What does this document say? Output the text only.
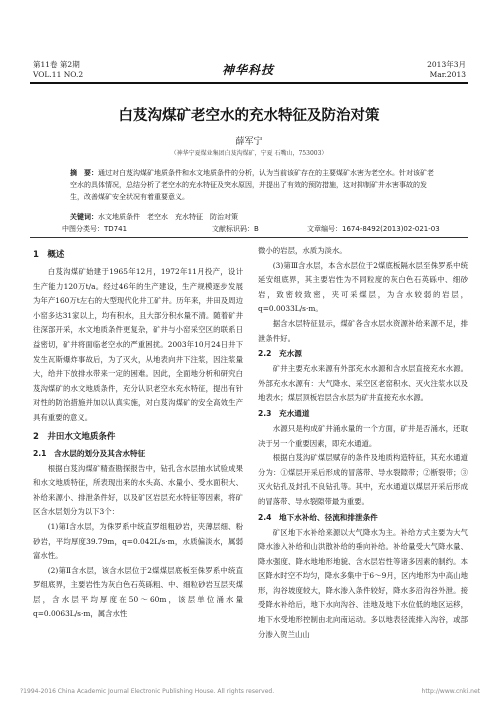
第11卷 第2期
VOL.11 NO.2	神华科技	2013年3月
Mar.2013
白芨沟煤矿老空水的充水特征及防治对策
薛军宁
（神华宁夏煤业集团白芨沟煤矿，宁夏 石嘴山，753003）
摘　要：通过对白芨沟煤矿地质条件和水文地质条件的分析，认为当前该矿存在的主要煤矿水害为老空水。针对该矿老空水的具体情况，总结分析了老空水的充水特征及突水原因，并提出了有效的预防措施，这对抑制矿井水害事故的发生，改善煤矿安全状况有着重要意义。
关键词：水文地质条件　老空水　充水特征　防治对策
中图分类号：TD741	文献标识码：B	文章编号：1674-8492(2013)02-021-03
1　概述

白芨沟煤矿始建于1965年12月，1972年11月投产，设计生产能力120万t/a。经过46年的生产建设，生产规模逐步发展为年产160万t左右的大型现代化井工矿井。历年来，井田及周边小窑多达31家以上，均有积水，且大部分积水量不清。随着矿井往深部开采，水文地质条件更复杂，矿井与小窑采空区的联系日益密切，矿井将面临老空水的严重困扰。2003年10月24日井下发生瓦斯爆炸事故后，为了灭火，从地表向井下注浆，因注浆量大，给井下放排水带来一定的困难。因此，全面地分析和研究白芨沟煤矿的水文地质条件，充分认识老空水充水特征，提出有针对性的防治措施并加以认真实施，对白芨沟煤矿的安全高效生产具有重要的意义。

2　井田水文地质条件
2.1　含水层的划分及其含水特征

根据白芨沟煤矿精查勘探报告中，钻孔含水层抽水试验成果和水文地质特征，所表现出来的水头高、水量小、受水面积大、补给来源小、排泄条件好，以及矿区岩层充水特征等因素，将矿区含水层划分为以下3个：

(1)第Ⅰ含水层，为侏罗系中统直罗组粗砂岩，夹薄层细、粉砂岩，平均厚度39.79m，q=0.042L/s·m，水质偏淡水，属弱富水性。

(2)第Ⅱ含水层，该含水层位于2煤煤层底板至侏罗系中统直罗组底界，主要岩性为灰白色石英砾粗、中、细粒砂岩互层夹煤层，含水层平均厚度在50～60m，该层单位涌水量q=0.0063L/s·m，属含水性

微小的岩层，水质为淡水。

(3)第Ⅲ含水层，本含水层位于2煤底板隔水层至侏罗系中统延安组底界，其主要岩性为不同粒度的灰白色石英砾中、细砂岩，致密较致密，夹可采煤层，为含水较弱的岩层，q=0.0033L/s·m。

据含水层特征显示，煤矿各含水层水资源补给来源不足，排泄条件好。

2.2　充水源

矿井主要充水来源有外部充水水源和含水层直接充水水源。外部充水水源有：大气降水、采空区老窑积水、灭火注浆水以及地表水；煤层顶板岩层含水层为矿井直接充水水源。

2.3　充水通道

水源只是构成矿井涌水量的一个方面，矿井是否涌水，还取决于另一个重要因素，即充水通道。

根据白芨沟矿煤层赋存的条件及地质构造特征，其充水通道分为：①煤层开采后形成的冒落带、导水裂隙带；②断裂带；③灭火钻孔及封孔不良钻孔等。其中，充水通道以煤层开采后形成的冒落带、导水裂隙带最为重要。

2.4　地下水补给、径流和排泄条件

矿区地下水补给来源以大气降水为主。补给方式主要为大气降水渗入补给和山洪散补给的垂向补给。补给量受大气降水量、降水强度、降水地地形地貌、含水层岩性等诸多因素的制约。本区降水时空不均匀，降水多集中于6～9月，区内地形为中高山地形，沟谷坡度较大，降水渗入条件较好，降水多沿沟谷外泄。接受降水补给后，地下水向沟谷、洼地及地下水位低的地区运移，地下水受地形控制由北向南运动。多以地表径流排入沟谷，或部分渗入贺兰山山

?1994-2016 China Academic Journal Electronic Publishing House. All rights reserved.	http://www.cnki.net
